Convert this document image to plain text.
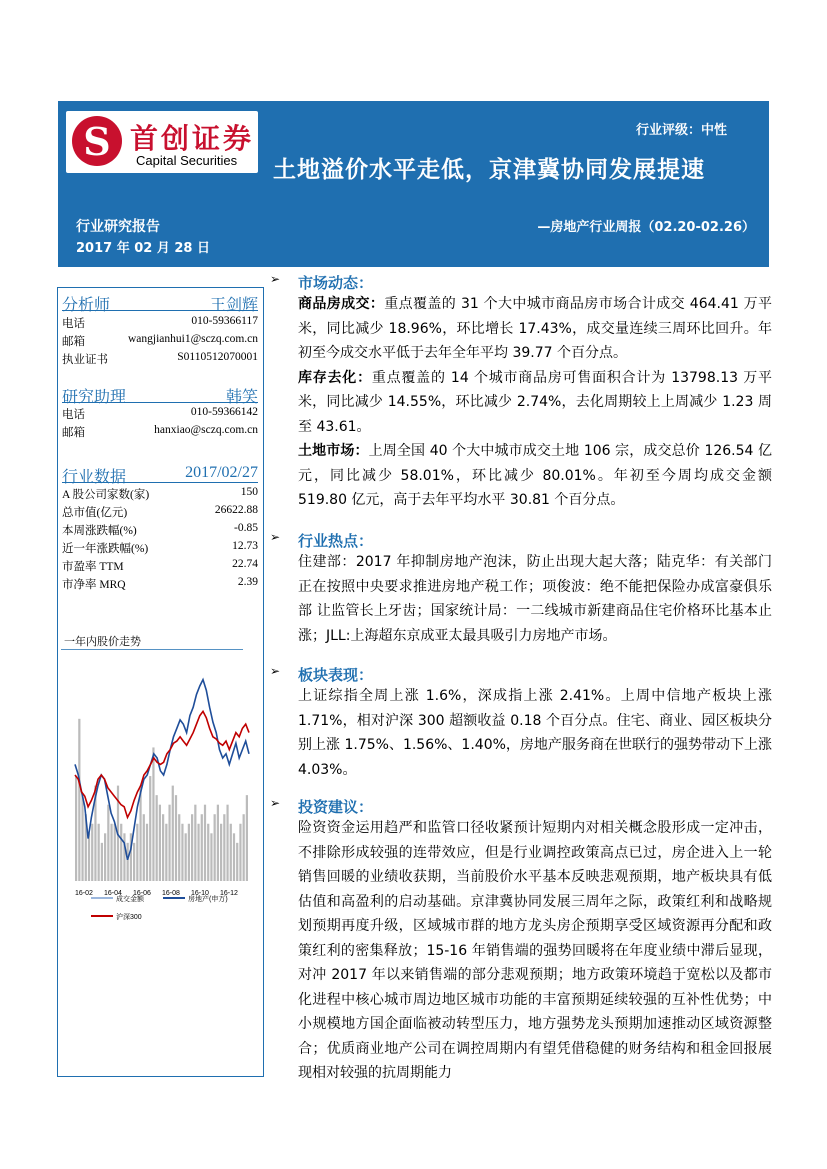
S 首创证券
Capital Securities
行业评级：中性
土地溢价水平走低，京津冀协同发展提速
行业研究报告
2017 年 02 月 28 日
—房地产行业周报（02.20-02.26）
分析师	王剑辉
电话	010-59366117
邮箱	wangjianhui1@sczq.com.cn
执业证书	S0110512070001
研究助理	韩笑
电话	010-59366142
邮箱	hanxiao@sczq.com.cn
行业数据	2017/02/27
A 股公司家数(家)	150
总市值(亿元)	26622.88
本周涨跌幅(%)	-0.85
近一年涨跌幅(%)	12.73
市盈率 TTM	22.74
市净率 MRQ	2.39
一年内股价走势
16-02 16-04 16-06 16-08 16-10 16-12
成交金额	房地产(申万)
沪深300
➢ 市场动态：

商品房成交：重点覆盖的 31 个大中城市商品房市场合计成交 464.41 万平米，同比减少 18.96%，环比增长 17.43%，成交量连续三周环比回升。年初至今成交水平低于去年全年平均 39.77 个百分点。

库存去化：重点覆盖的 14 个城市商品房可售面积合计为 13798.13 万平米，同比减少 14.55%，环比减少 2.74%，去化周期较上上周减少 1.23 周至 43.61。

土地市场：上周全国 40 个大中城市成交土地 106 宗，成交总价 126.54 亿元，同比减少 58.01%，环比减少 80.01%。年初至今周均成交金额 519.80 亿元，高于去年平均水平 30.81 个百分点。

➢ 行业热点：

住建部：2017 年抑制房地产泡沫，防止出现大起大落；陆克华：有关部门正在按照中央要求推进房地产税工作；项俊波：绝不能把保险办成富豪俱乐部 让监管长上牙齿；国家统计局：一二线城市新建商品住宅价格环比基本止涨；JLL:上海超东京成亚太最具吸引力房地产市场。

➢ 板块表现：

上证综指全周上涨 1.6%，深成指上涨 2.41%。上周中信地产板块上涨 1.71%，相对沪深 300 超额收益 0.18 个百分点。住宅、商业、园区板块分别上涨 1.75%、1.56%、1.40%，房地产服务商在世联行的强势带动下上涨 4.03%。

➢ 投资建议：

险资资金运用趋严和监管口径收紧预计短期内对相关概念股形成一定冲击，不排除形成较强的连带效应，但是行业调控政策高点已过，房企进入上一轮销售回暖的业绩收获期，当前股价水平基本反映悲观预期，地产板块具有低估值和高盈利的启动基础。京津冀协同发展三周年之际，政策红利和战略规划预期再度升级，区域城市群的地方龙头房企预期享受区域资源再分配和政策红利的密集释放；15-16 年销售端的强势回暖将在年度业绩中滞后显现，对冲 2017 年以来销售端的部分悲观预期；地方政策环境趋于宽松以及都市化进程中核心城市周边地区城市功能的丰富预期延续较强的互补性优势；中小规模地方国企面临被动转型压力，地方强势龙头预期加速推动区域资源整合；优质商业地产公司在调控周期内有望凭借稳健的财务结构和租金回报展现相对较强的抗周期能力
